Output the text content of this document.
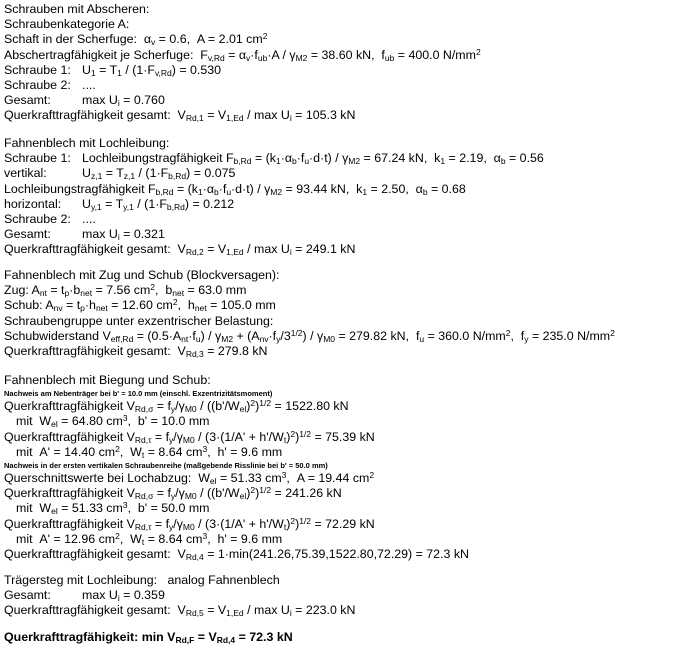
Schrauben mit Abscheren:
Schraubenkategorie A:
Schaft in der Scherfuge:  $\alpha_v = 0.6$,  A = 2.01 $cm^2$
Abschertragfähigkeit je Scherfuge:  $F_{v,Rd} = \alpha_v\cdot f_{ub}\cdot A / \gamma_{M2} = 38.60$ kN,  $f_{ub} = 400.0$ $N/mm^2$
Schraube 1: $U_1 = T_1 / (1\cdot F_{v,Rd}) = 0.530$
Schraube 2: ....
Gesamt:	$\max U_i = 0.760$
Querkrafttragfähigkeit gesamt:  $V_{Rd,1} = V_{1,Ed} / \max U_i = 105.3$ kN
Fahnenblech mit Lochleibung:
Schraube 1: Lochleibungstragfähigkeit $F_{b,Rd} = (k_1\cdot\alpha_b\cdot f_u\cdot d\cdot t) / \gamma_{M2} = 67.24$ kN,  $k_1 = 2.19$,  $\alpha_b = 0.56$
vertikal:	$U_{z,1} = T_{z,1} / (1\cdot F_{b,Rd}) = 0.075$
Lochleibungstragfähigkeit $F_{b,Rd} = (k_1\cdot\alpha_b\cdot f_u\cdot d\cdot t) / \gamma_{M2} = 93.44$ kN,  $k_1 = 2.50$,  $\alpha_b = 0.68$
horizontal: $U_{y,1} = T_{y,1} / (1\cdot F_{b,Rd}) = 0.212$
Schraube 2: ....
Gesamt:	$\max U_i = 0.321$
Querkrafttragfähigkeit gesamt:  $V_{Rd,2} = V_{1,Ed} / \max U_i = 249.1$ kN
Fahnenblech mit Zug und Schub (Blockversagen):
Zug: $A_{nt} = t_p\cdot b_{net} = 7.56$ $cm^2$,  $b_{net} = 63.0$ mm
Schub: $A_{nv} = t_p\cdot h_{net} = 12.60$ $cm^2$,  $h_{net} = 105.0$ mm
Schraubengruppe unter exzentrischer Belastung:
Schubwiderstand $V_{eff,Rd} = (0.5\cdot A_{nt}\cdot f_u) / \gamma_{M2} + (A_{nv}\cdot f_y/3^{1/2}) / \gamma_{M0} = 279.82$ kN,  $f_u = 360.0$ $N/mm^2$,  $f_y = 235.0$ $N/mm^2$
Querkrafttragfähigkeit gesamt:  $V_{Rd,3} = 279.8$ kN
Fahnenblech mit Biegung und Schub:
Nachweis am Nebenträger bei b' = 10.0 mm (einschl. Exzentrizitätsmoment)
Querkrafttragfähigkeit $V_{Rd,\sigma} = f_y/\gamma_{M0} / ((b'/W_{el})^2)^{1/2} = 1522.80$ kN
mit  $W_{el} = 64.80$ $cm^3$,  b' = 10.0 mm
Querkrafttragfähigkeit $V_{Rd,\tau} = f_y/\gamma_{M0} / (3\cdot(1/A' + h'/W_t)^2)^{1/2} = 75.39$ kN
mit  A' = 14.40 $cm^2$,  $W_t = 8.64$ $cm^3$,  h' = 9.6 mm
Nachweis in der ersten vertikalen Schraubenreihe (maßgebende Risslinie bei b' = 50.0 mm)
Querschnittswerte bei Lochabzug:  $W_{el} = 51.33$ $cm^3$,  A = 19.44 $cm^2$
Querkrafttragfähigkeit $V_{Rd,\sigma} = f_y/\gamma_{M0} / ((b'/W_{el})^2)^{1/2} = 241.26$ kN
mit  $W_{el} = 51.33$ $cm^3$,  b' = 50.0 mm
Querkrafttragfähigkeit $V_{Rd,\tau} = f_y/\gamma_{M0} / (3\cdot(1/A' + h'/W_t)^2)^{1/2} = 72.29$ kN
mit  A' = 12.96 $cm^2$,  $W_t = 8.64$ $cm^3$,  h' = 9.6 mm
Querkrafttragfähigkeit gesamt:  $V_{Rd,4} = 1\cdot\min(241.26,75.39,1522.80,72.29) = 72.3$ kN
Trägersteg mit Lochleibung:   analog Fahnenblech
Gesamt:	$\max U_i = 0.359$
Querkrafttragfähigkeit gesamt:  $V_{Rd,5} = V_{1,Ed} / \max U_i = 223.0$ kN
Querkrafttragfähigkeit: $\min V_{Rd,F} = V_{Rd,4} = 72.3$ kN
